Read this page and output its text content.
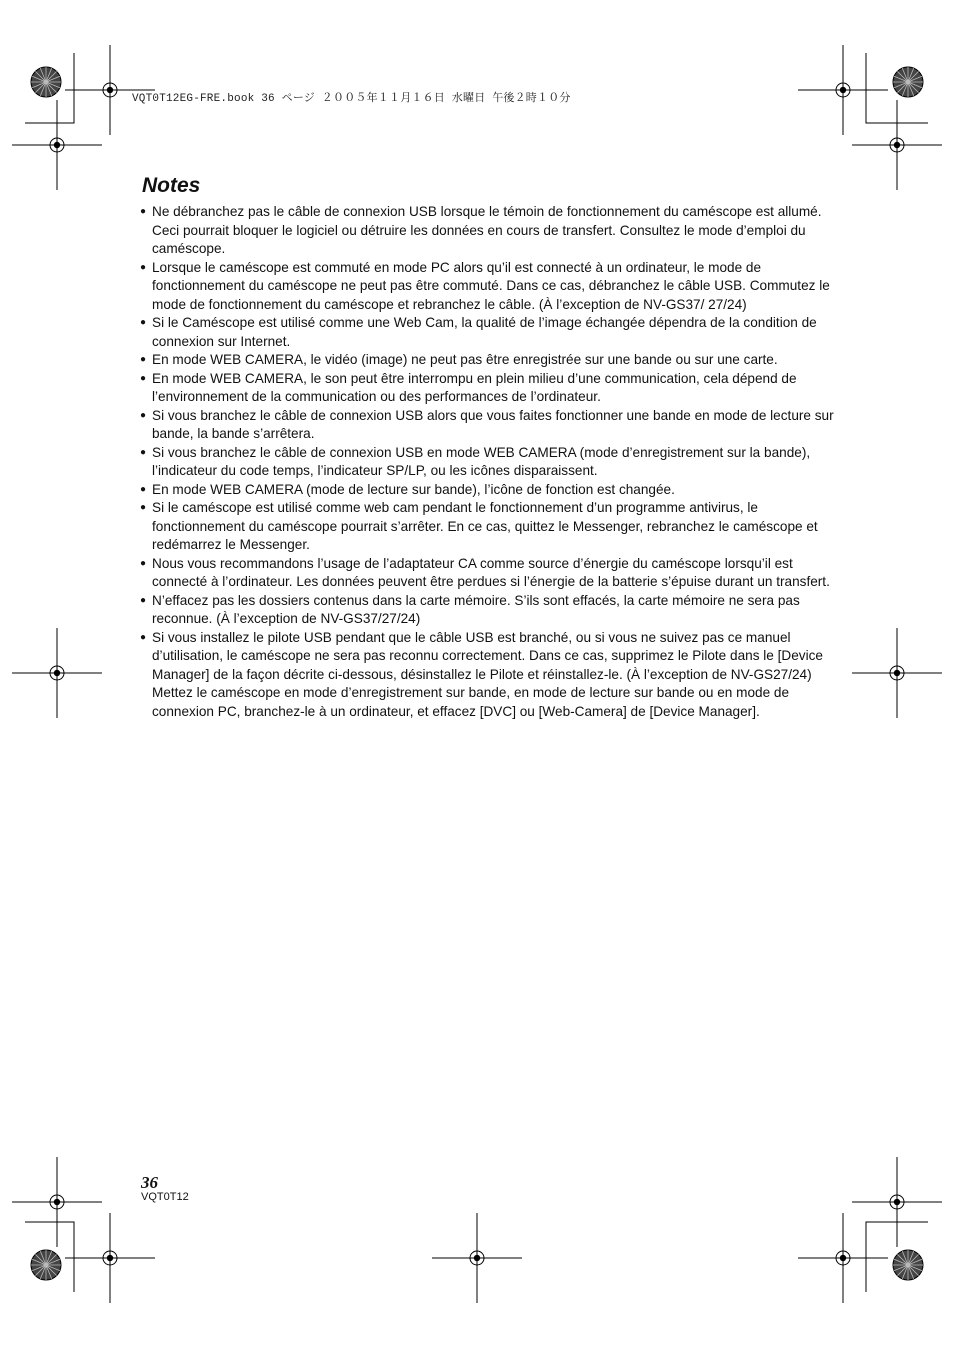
VQT0T12EG-FRE.book 36 ページ ２００５年１１月１６日 水曜日 午後２時１０分
Notes
● Ne débranchez pas le câble de connexion USB lorsque le témoin de fonctionnement du caméscope est allumé. Ceci pourrait bloquer le logiciel ou détruire les données en cours de transfert. Consultez le mode d’emploi du caméscope.
● Lorsque le caméscope est commuté en mode PC alors qu’il est connecté à un ordinateur, le mode de fonctionnement du caméscope ne peut pas être commuté. Dans ce cas, débranchez le câble USB. Commutez le mode de fonctionnement du caméscope et rebranchez le câble. (À l’exception de NV-GS37/ 27/24)
● Si le Caméscope est utilisé comme une Web Cam, la qualité de l’image échangée dépendra de la condition de connexion sur Internet.
● En mode WEB CAMERA, le vidéo (image) ne peut pas être enregistrée sur une bande ou sur une carte.
● En mode WEB CAMERA, le son peut être interrompu en plein milieu d’une communication, cela dépend de l’environnement de la communication ou des performances de l’ordinateur.
● Si vous branchez le câble de connexion USB alors que vous faites fonctionner une bande en mode de lecture sur bande, la bande s’arrêtera.
● Si vous branchez le câble de connexion USB en mode WEB CAMERA (mode d’enregistrement sur la bande), l’indicateur du code temps, l’indicateur SP/LP, ou les icônes disparaissent.
● En mode WEB CAMERA (mode de lecture sur bande), l’icône de fonction est changée.
● Si le caméscope est utilisé comme web cam pendant le fonctionnement d’un programme antivirus, le fonctionnement du caméscope pourrait s’arrêter. En ce cas, quittez le Messenger, rebranchez le caméscope et redémarrez le Messenger.
● Nous vous recommandons l’usage de l’adaptateur CA comme source d’énergie du caméscope lorsqu’il est connecté à l’ordinateur. Les données peuvent être perdues si l’énergie de la batterie s’épuise durant un transfert.
● N’effacez pas les dossiers contenus dans la carte mémoire. S’ils sont effacés, la carte mémoire ne sera pas reconnue. (À l’exception de NV-GS37/27/24)
● Si vous installez le pilote USB pendant que le câble USB est branché, ou si vous ne suivez pas ce manuel d’utilisation, le caméscope ne sera pas reconnu correctement. Dans ce cas, supprimez le Pilote dans le [Device Manager] de la façon décrite ci-dessous, désinstallez le Pilote et réinstallez-le. (À l’exception de NV-GS27/24)
Mettez le caméscope en mode d’enregistrement sur bande, en mode de lecture sur bande ou en mode de connexion PC, branchez-le à un ordinateur, et effacez [DVC] ou [Web-Camera] de [Device Manager].
36
VQT0T12
